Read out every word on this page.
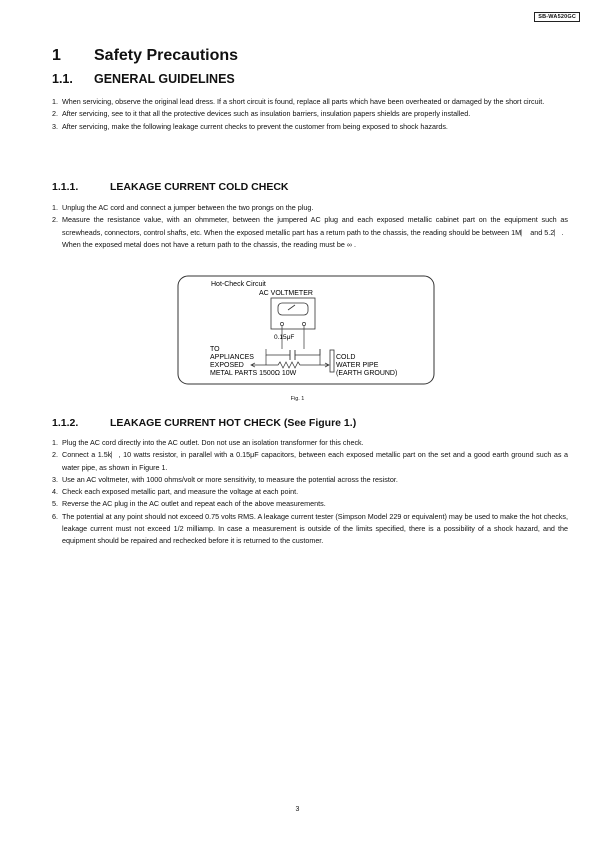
SB-WA520GC
1 Safety Precautions
1.1. GENERAL GUIDELINES
1. When servicing, observe the original lead dress. If a short circuit is found, replace all parts which have been overheated or damaged by the short circuit.
2. After servicing, see to it that all the protective devices such as insulation barriers, insulation papers shields are properly installed.
3. After servicing, make the following leakage current checks to prevent the customer from being exposed to shock hazards.
1.1.1.	LEAKAGE CURRENT COLD CHECK
1. Unplug the AC cord and connect a jumper between the two prongs on the plug.
2. Measure the resistance value, with an ohmmeter, between the jumpered AC plug and each exposed metallic cabinet part on the equipment such as screwheads, connectors, control shafts, etc. When the exposed metallic part has a return path to the chassis, the reading should be between 1M⎸ and 5.2⎸.
When the exposed metal does not have a return path to the chassis, the reading must be ∞ .
Hot-Check Circuit
AC VOLTMETER
0.15μF
TO APPLIANCES EXPOSED METAL PARTS 1500Ω 10W
COLD WATER PIPE (EARTH GROUND)
Fig. 1
1.1.2.	LEAKAGE CURRENT HOT CHECK (See Figure 1.)
1. Plug the AC cord directly into the AC outlet. Don not use an isolation transformer for this check.
2. Connect a 1.5k⎸, 10 watts resistor, in parallel with a 0.15μF capacitors, between each exposed metallic part on the set and a good earth ground such as a water pipe, as shown in Figure 1.
3. Use an AC voltmeter, with 1000 ohms/volt or more sensitivity, to measure the potential across the resistor.
4. Check each exposed metallic part, and measure the voltage at each point.
5. Reverse the AC plug in the AC outlet and repeat each of the above measurements.
6. The potential at any point should not exceed 0.75 volts RMS. A leakage current tester (Simpson Model 229 or equivalent) may be used to make the hot checks, leakage current must not exceed 1/2 milliamp. In case a measurement is outside of the limits specified, there is a possibility of a shock hazard, and the equipment should be repaired and rechecked before it is returned to the customer.
3
